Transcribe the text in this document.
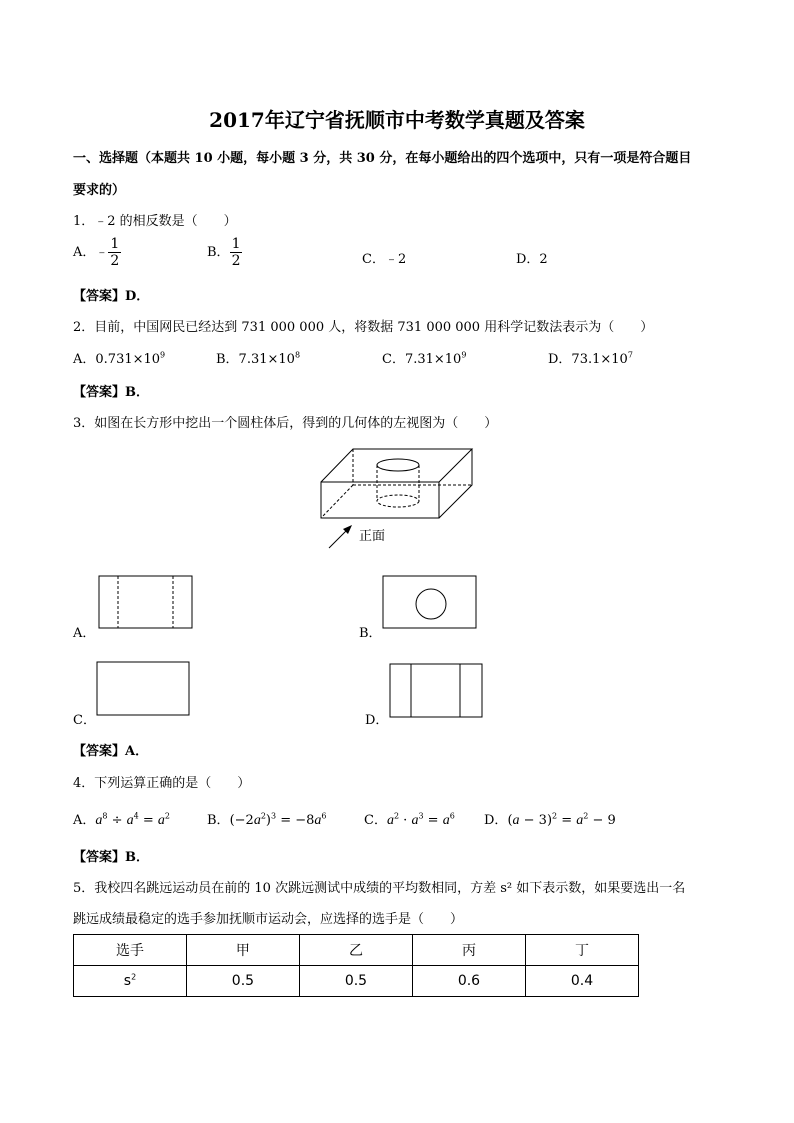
2017年辽宁省抚顺市中考数学真题及答案
一、选择题（本题共 10 小题，每小题 3 分，共 30 分，在每小题给出的四个选项中，只有一项是符合题目
要求的）
1．﹣2 的相反数是（　　）
A．﹣ $\frac{1}{2}$	B． $\frac{1}{2}$	C．﹣2	D．2
【答案】D．
2．目前，中国网民已经达到 731 000 000 人，将数据 731 000 000 用科学记数法表示为（　　）
A．$0.731\times 10^9$	B．$7.31\times 10^8$	C．$7.31\times 10^9$	D．$73.1\times 10^7$
【答案】B．
3．如图在长方形中挖出一个圆柱体后，得到的几何体的左视图为（　　）
正面
A．	B．
C．	D．
【答案】A．
4．下列运算正确的是（　　）
A．$a^8 \div a^4 = a^2$	B．$(-2a^2)^3 = -8a^6$	C．$a^2 \cdot a^3 = a^6$ D．$(a - 3)^2 = a^2 - 9$
【答案】B．
5．我校四名跳远运动员在前的 10 次跳远测试中成绩的平均数相同，方差 s² 如下表示数，如果要选出一名
跳远成绩最稳定的选手参加抚顺市运动会，应选择的选手是（　　）
选手	甲	乙	丙	丁
$s^2$	0.5	0.5	0.6	0.4
